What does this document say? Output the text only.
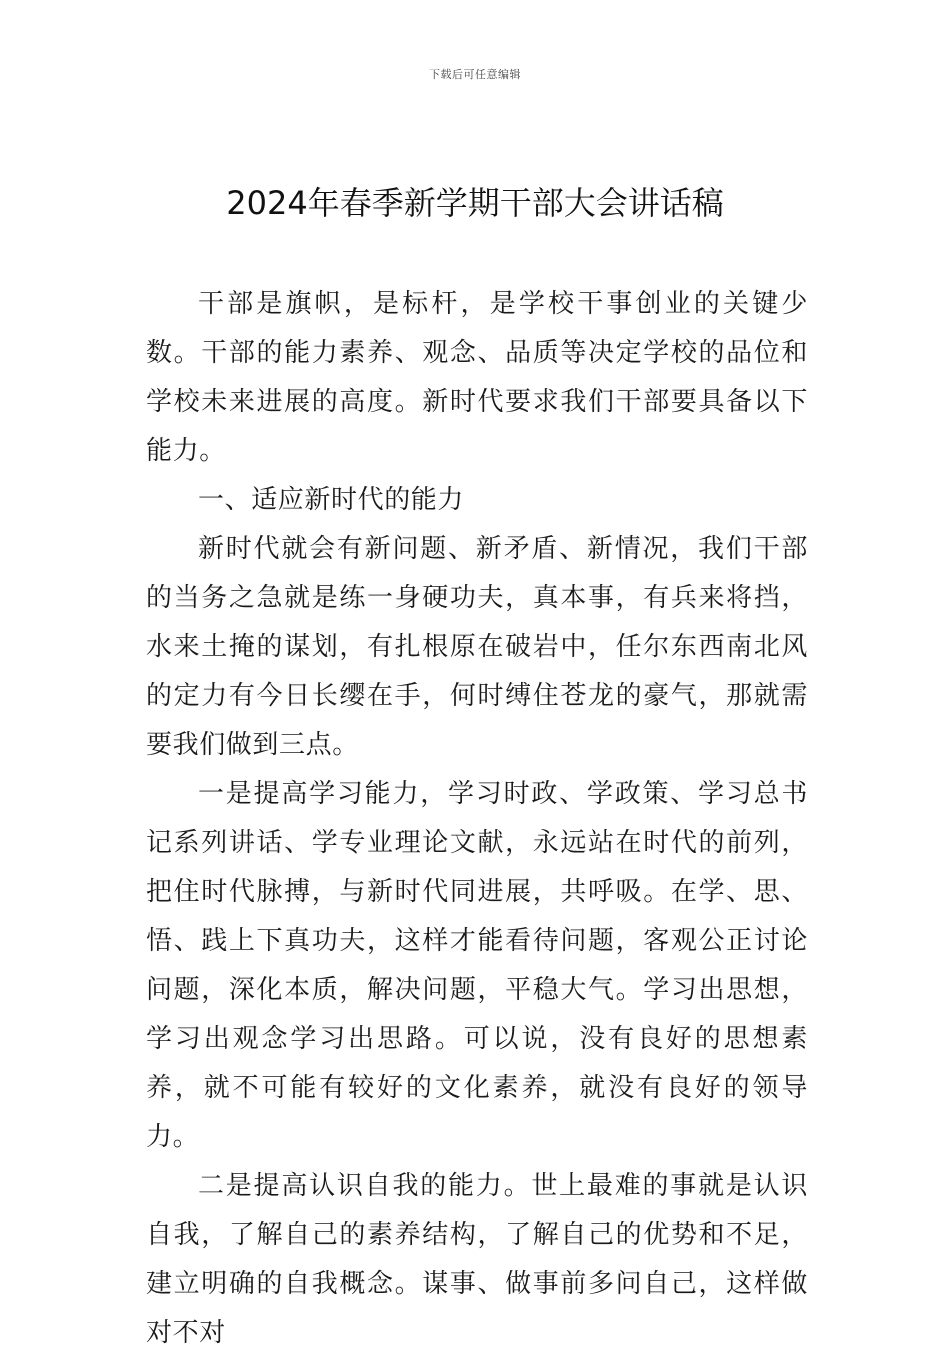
下载后可任意编辑
2024年春季新学期干部大会讲话稿

干部是旗帜，是标杆，是学校干事创业的关键少数。干部的能力素养、观念、品质等决定学校的品位和学校未来进展的高度。新时代要求我们干部要具备以下能力。

一、适应新时代的能力

新时代就会有新问题、新矛盾、新情况，我们干部的当务之急就是练一身硬功夫，真本事，有兵来将挡，水来土掩的谋划，有扎根原在破岩中，任尔东西南北风的定力有今日长缨在手，何时缚住苍龙的豪气，那就需要我们做到三点。

一是提高学习能力，学习时政、学政策、学习总书记系列讲话、学专业理论文献，永远站在时代的前列，把住时代脉搏，与新时代同进展，共呼吸。在学、思、悟、践上下真功夫，这样才能看待问题，客观公正讨论问题，深化本质，解决问题，平稳大气。学习出思想，学习出观念学习出思路。可以说，没有良好的思想素养，就不可能有较好的文化素养，就没有良好的领导力。

二是提高认识自我的能力。世上最难的事就是认识自我，了解自己的素养结构，了解自己的优势和不足，建立明确的自我概念。谋事、做事前多问自己，这样做对不对
